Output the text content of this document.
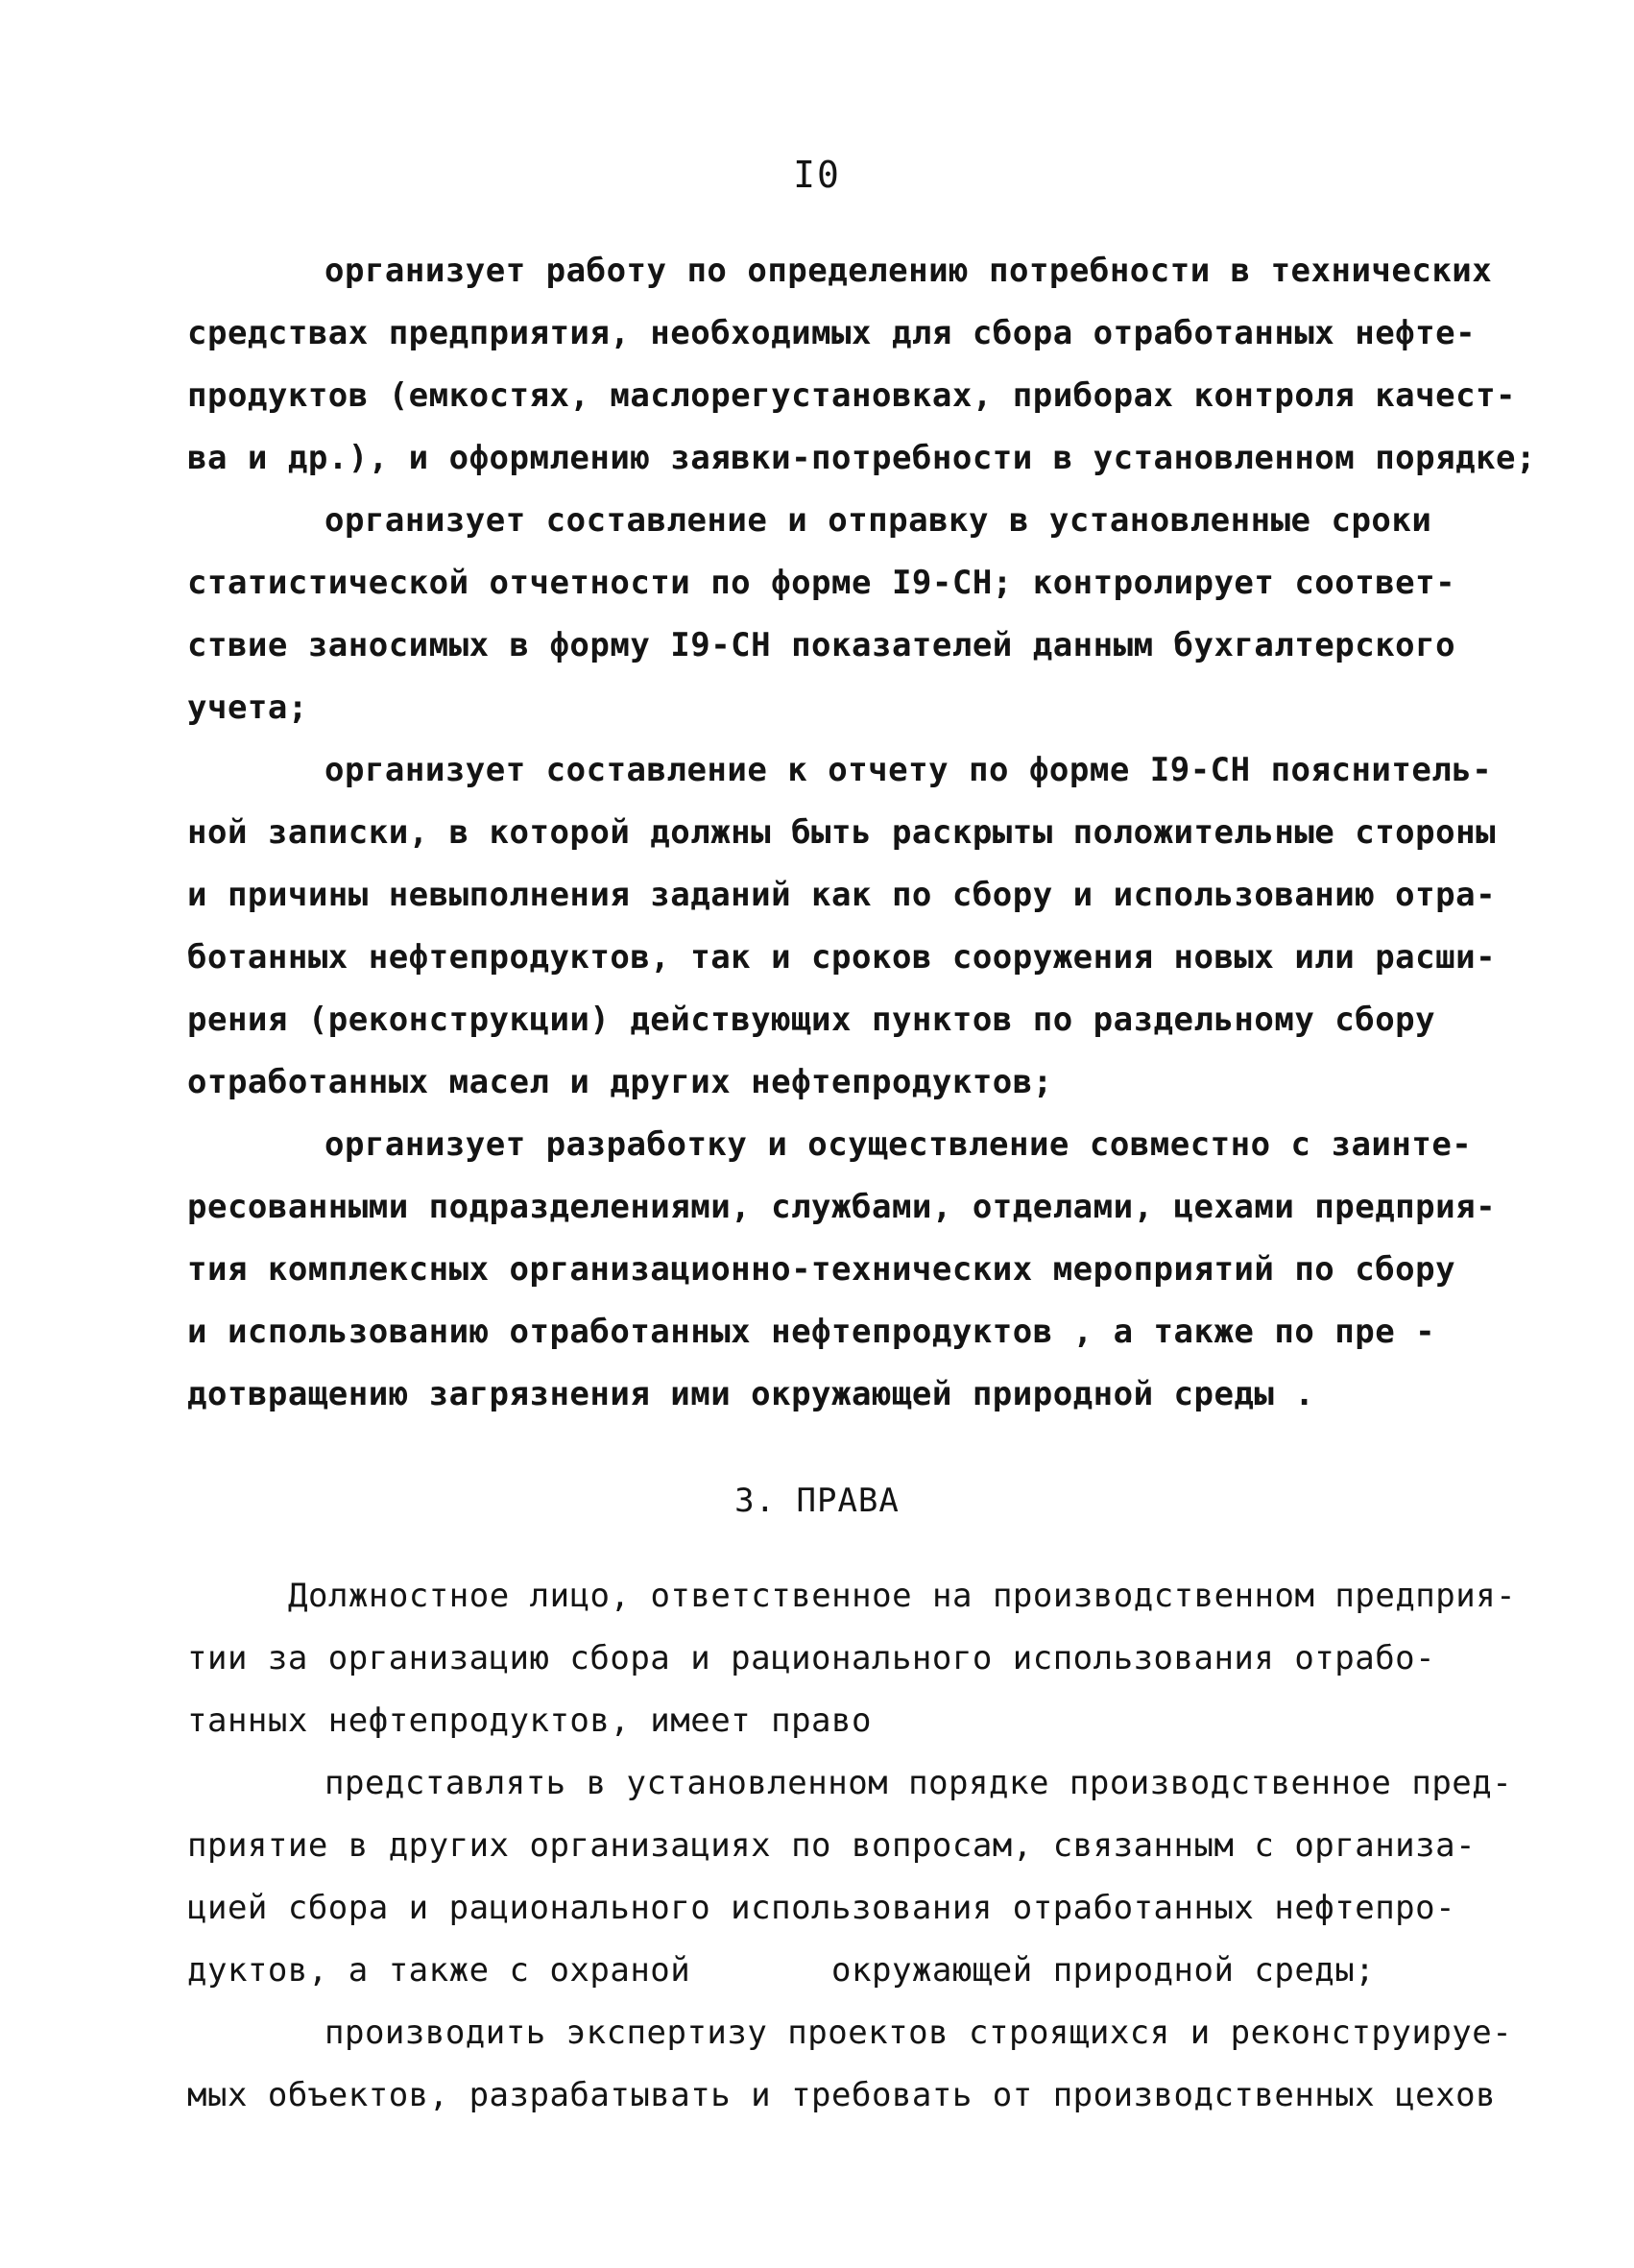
I0
организует работу по определению потребности в технических
средствах предприятия, необходимых для сбора отработанных нефте-
продуктов (емкостях, маслорегустановках, приборах контроля качест-
ва и др.), и оформлению заявки-потребности в установленном порядке;
организует составление и отправку в установленные сроки
статистической отчетности по форме I9-CH; контролирует соответ-
ствие заносимых в форму I9-CH показателей данным бухгалтерского
учета;
организует составление к отчету по форме I9-CH пояснитель-
ной записки, в которой должны быть раскрыты положительные стороны
и причины невыполнения заданий как по сбору и использованию отра-
ботанных нефтепродуктов, так и сроков сооружения новых или расши-
рения (реконструкции) действующих пунктов по раздельному сбору
отработанных масел и других нефтепродуктов;
организует разработку и осуществление совместно с заинте-
ресованными подразделениями, службами, отделами, цехами предприя-
тия комплексных организационно-технических мероприятий по сбору
и использованию отработанных нефтепродуктов , а также по пре -
дотвращению загрязнения ими окружающей природной среды .
3. ПРАВА
Должностное лицо, ответственное на производственном предприя-
тии за организацию сбора и рационального использования отрабо-
танных нефтепродуктов, имеет право
представлять в установленном порядке производственное пред-
приятие в других организациях по вопросам, связанным с организа-
цией сбора и рационального использования отработанных нефтепро-
дуктов, а также с охраной       окружающей природной среды;
производить экспертизу проектов строящихся и реконструируе-
мых объектов, разрабатывать и требовать от производственных цехов
